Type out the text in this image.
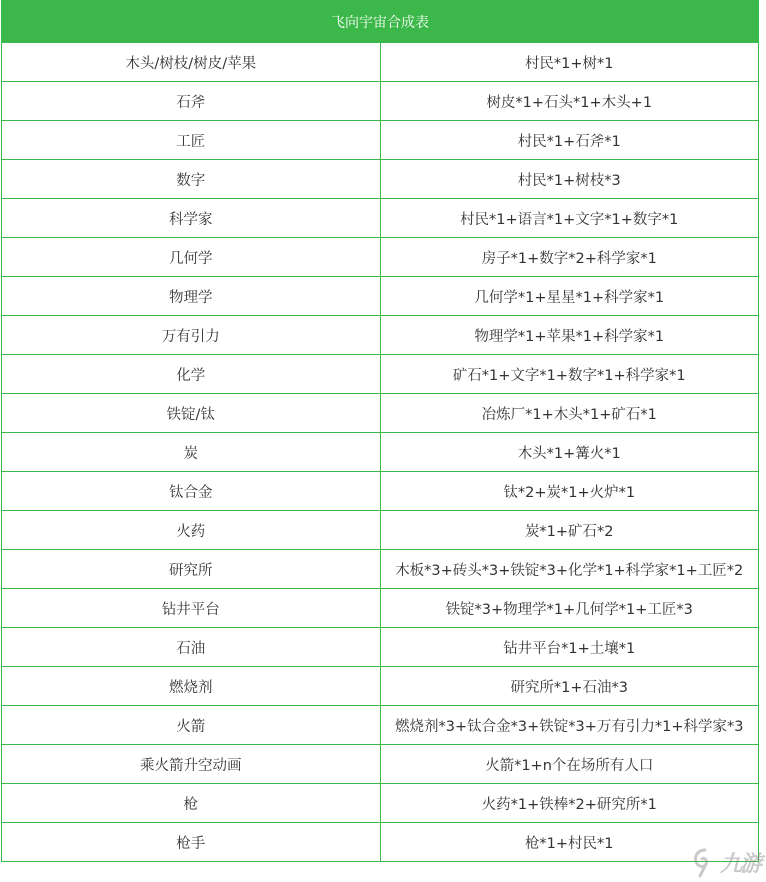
飞向宇宙合成表	
木头/树枝/树皮/苹果	村民*1+树*1
石斧	树皮*1+石头*1+木头+1
工匠	村民*1+石斧*1
数字	村民*1+树枝*3
科学家	村民*1+语言*1+文字*1+数字*1
几何学	房子*1+数字*2+科学家*1
物理学	几何学*1+星星*1+科学家*1
万有引力	物理学*1+苹果*1+科学家*1
化学	矿石*1+文字*1+数字*1+科学家*1
铁锭/钛	冶炼厂*1+木头*1+矿石*1
炭	木头*1+篝火*1
钛合金	钛*2+炭*1+火炉*1
火药	炭*1+矿石*2
研究所	木板*3+砖头*3+铁锭*3+化学*1+科学家*1+工匠*2
钻井平台	铁锭*3+物理学*1+几何学*1+工匠*3
石油	钻井平台*1+土壤*1
燃烧剂	研究所*1+石油*3
火箭	燃烧剂*3+钛合金*3+铁锭*3+万有引力*1+科学家*3
乘火箭升空动画	火箭*1+n个在场所有人口
枪	火药*1+铁棒*2+研究所*1
枪手	枪*1+村民*1
九游
